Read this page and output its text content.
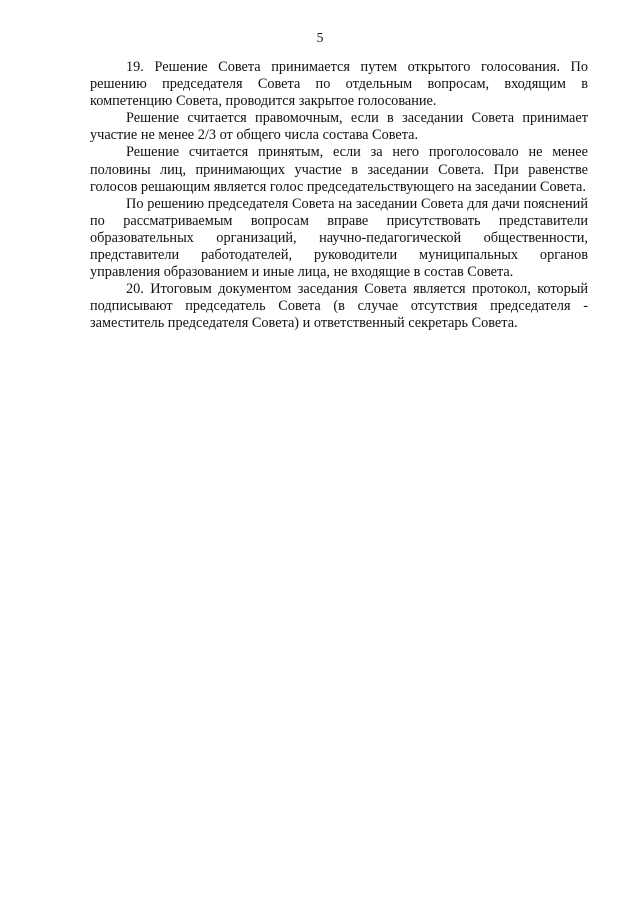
5

19. Решение Совета принимается путем открытого голосования. По решению председателя Совета по отдельным вопросам, входящим в компетенцию Совета, проводится закрытое голосование.

Решение считается правомочным, если в заседании Совета принимает участие не менее 2/3 от общего числа состава Совета.

Решение считается принятым, если за него проголосовало не менее половины лиц, принимающих участие в заседании Совета. При равенстве голосов решающим является голос председательствующего на заседании Совета.

По решению председателя Совета на заседании Совета для дачи пояснений по рассматриваемым вопросам вправе присутствовать представители образовательных организаций, научно-педагогической общественности, представители работодателей, руководители муниципальных органов управления образованием и иные лица, не входящие в состав Совета.

20. Итоговым документом заседания Совета является протокол, который подписывают председатель Совета (в случае отсутствия председателя - заместитель председателя Совета) и ответственный секретарь Совета.
